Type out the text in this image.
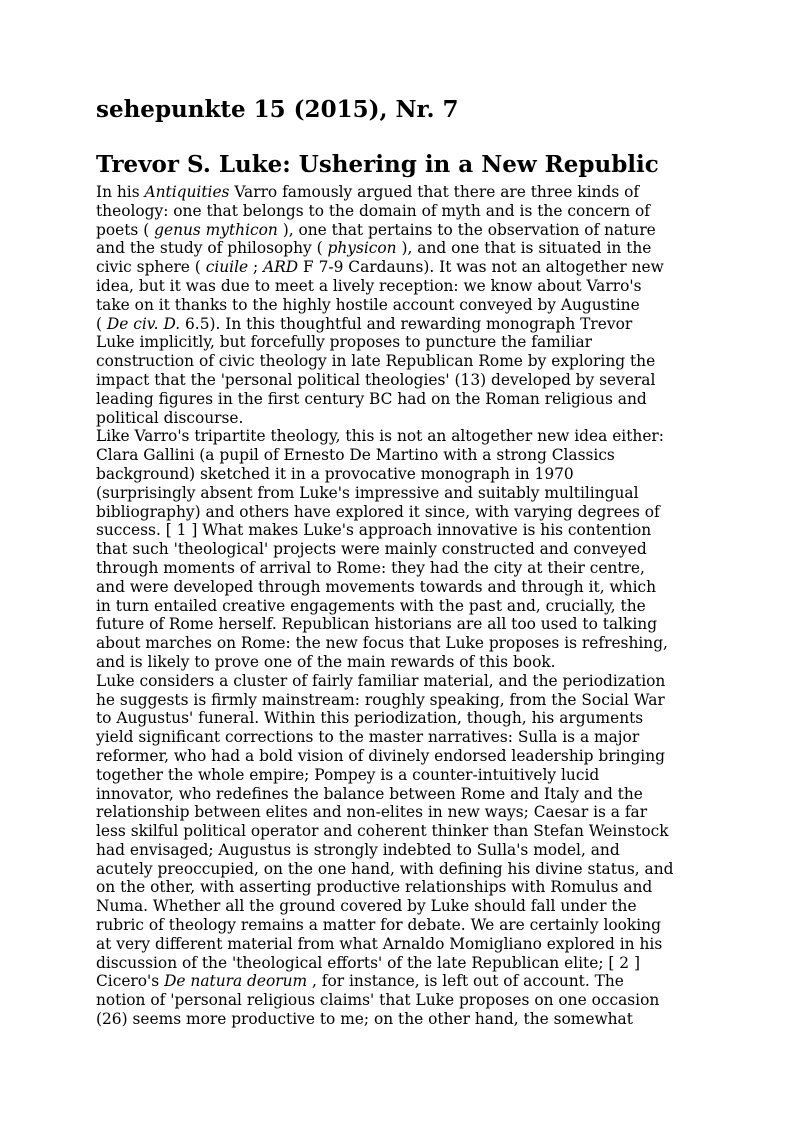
sehepunkte 15 (2015), Nr. 7
Trevor S. Luke: Ushering in a New Republic
In his Antiquities Varro famously argued that there are three kinds of
theology: one that belongs to the domain of myth and is the concern of
poets ( genus mythicon ), one that pertains to the observation of nature
and the study of philosophy ( physicon ), and one that is situated in the
civic sphere ( ciuile ; ARD F 7-9 Cardauns). It was not an altogether new
idea, but it was due to meet a lively reception: we know about Varro's
take on it thanks to the highly hostile account conveyed by Augustine
( De civ. D. 6.5). In this thoughtful and rewarding monograph Trevor
Luke implicitly, but forcefully proposes to puncture the familiar
construction of civic theology in late Republican Rome by exploring the
impact that the 'personal political theologies' (13) developed by several
leading figures in the first century BC had on the Roman religious and
political discourse.
Like Varro's tripartite theology, this is not an altogether new idea either:
Clara Gallini (a pupil of Ernesto De Martino with a strong Classics
background) sketched it in a provocative monograph in 1970
(surprisingly absent from Luke's impressive and suitably multilingual
bibliography) and others have explored it since, with varying degrees of
success. [ 1 ] What makes Luke's approach innovative is his contention
that such 'theological' projects were mainly constructed and conveyed
through moments of arrival to Rome: they had the city at their centre,
and were developed through movements towards and through it, which
in turn entailed creative engagements with the past and, crucially, the
future of Rome herself. Republican historians are all too used to talking
about marches on Rome: the new focus that Luke proposes is refreshing,
and is likely to prove one of the main rewards of this book.
Luke considers a cluster of fairly familiar material, and the periodization
he suggests is firmly mainstream: roughly speaking, from the Social War
to Augustus' funeral. Within this periodization, though, his arguments
yield significant corrections to the master narratives: Sulla is a major
reformer, who had a bold vision of divinely endorsed leadership bringing
together the whole empire; Pompey is a counter-intuitively lucid
innovator, who redefines the balance between Rome and Italy and the
relationship between elites and non-elites in new ways; Caesar is a far
less skilful political operator and coherent thinker than Stefan Weinstock
had envisaged; Augustus is strongly indebted to Sulla's model, and
acutely preoccupied, on the one hand, with defining his divine status, and
on the other, with asserting productive relationships with Romulus and
Numa. Whether all the ground covered by Luke should fall under the
rubric of theology remains a matter for debate. We are certainly looking
at very different material from what Arnaldo Momigliano explored in his
discussion of the 'theological efforts' of the late Republican elite; [ 2 ]
Cicero's De natura deorum , for instance, is left out of account. The
notion of 'personal religious claims' that Luke proposes on one occasion
(26) seems more productive to me; on the other hand, the somewhat
